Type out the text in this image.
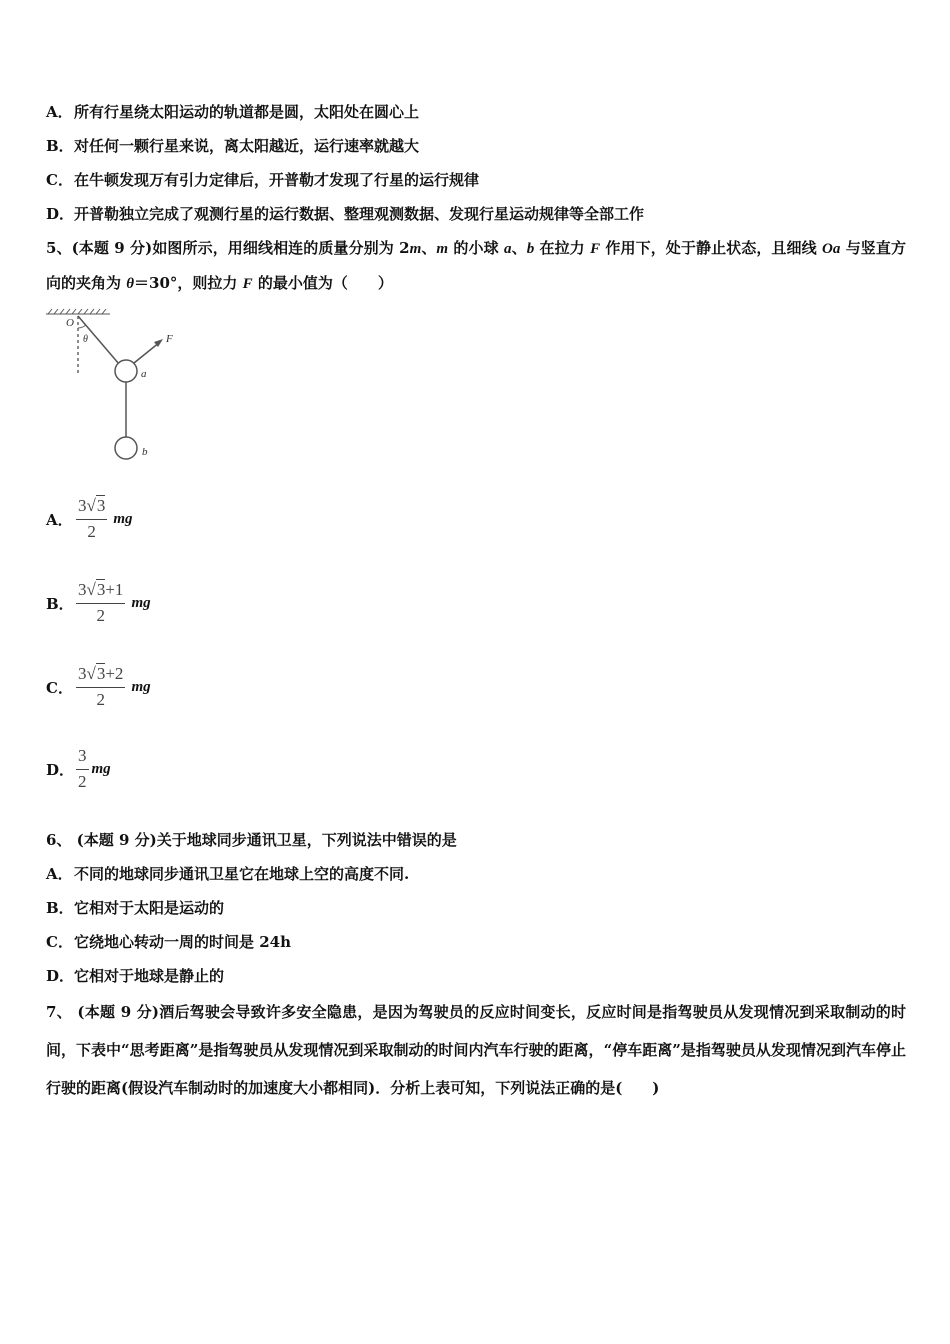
A．所有行星绕太阳运动的轨道都是圆，太阳处在圆心上
B．对任何一颗行星来说，离太阳越近，运行速率就越大
C．在牛顿发现万有引力定律后，开普勒才发现了行星的运行规律
D．开普勒独立完成了观测行星的运行数据、整理观测数据、发现行星运动规律等全部工作
5、(本题 9 分)如图所示，用细线相连的质量分别为 2m、m 的小球 a、b 在拉力 F 作用下，处于静止状态，且细线 Oa 与竖直方向的夹角为 θ＝30°，则拉力 F 的最小值为（　　）
O
θ	F
a
b
A． $\frac{3√3}{2}$ mg
B． $\frac{3√3+1}{2}$ mg
C． $\frac{3√3+2}{2}$ mg
D． $\frac{3}{2}$ mg
6、 (本题 9 分)关于地球同步通讯卫星，下列说法中错误的是
A．不同的地球同步通讯卫星它在地球上空的高度不同.
B．它相对于太阳是运动的
C．它绕地心转动一周的时间是 24h
D．它相对于地球是静止的
7、 (本题 9 分)酒后驾驶会导致许多安全隐患，是因为驾驶员的反应时间变长，反应时间是指驾驶员从发现情况到采取制动的时间，下表中“思考距离”是指驾驶员从发现情况到采取制动的时间内汽车行驶的距离，“停车距离”是指驾驶员从发现情况到汽车停止行驶的距离(假设汽车制动时的加速度大小都相同)．分析上表可知，下列说法正确的是(　　)
